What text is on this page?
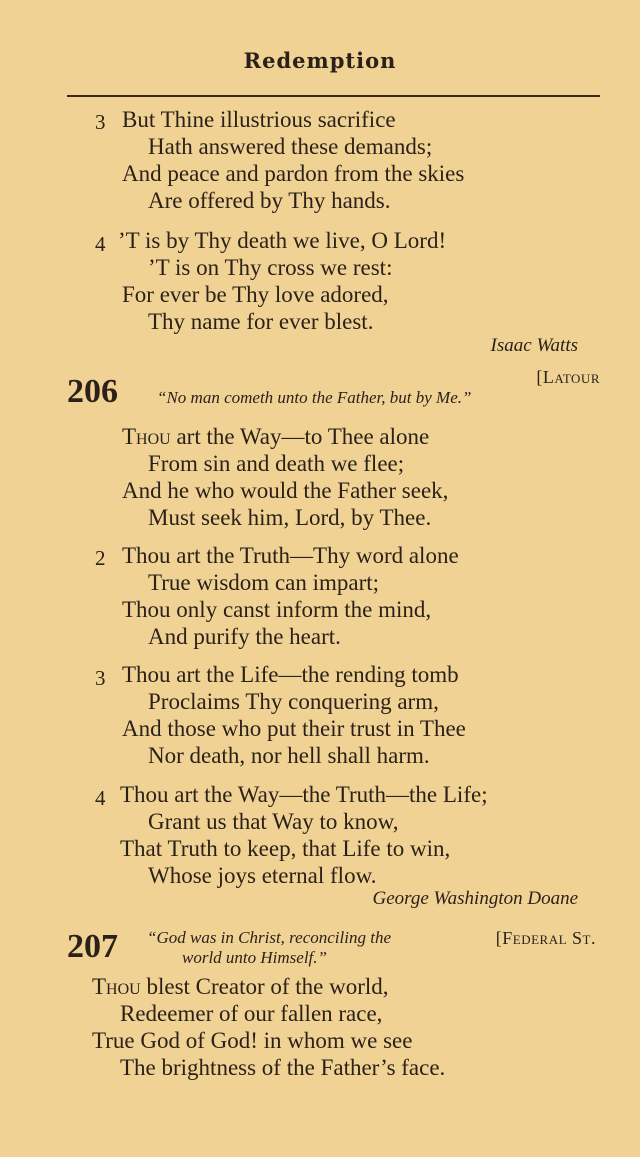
Redemption
3 But Thine illustrious sacrifice
Hath answered these demands;
And peace and pardon from the skies
Are offered by Thy hands.
4 ’T is by Thy death we live, O Lord!
’T is on Thy cross we rest:
For ever be Thy love adored,
Thy name for ever blest.
Isaac Watts
[Latour
206 “No man cometh unto the Father, but by Me.”
Thou art the Way—to Thee alone
From sin and death we flee;
And he who would the Father seek,
Must seek him, Lord, by Thee.
2 Thou art the Truth—Thy word alone
True wisdom can impart;
Thou only canst inform the mind,
And purify the heart.
3 Thou art the Life—the rending tomb
Proclaims Thy conquering arm,
And those who put their trust in Thee
Nor death, nor hell shall harm.
4 Thou art the Way—the Truth—the Life;
Grant us that Way to know,
That Truth to keep, that Life to win,
Whose joys eternal flow.
George Washington Doane
207 “God was in Christ, reconciling the
world unto Himself.”
[Federal St.
Thou blest Creator of the world,
Redeemer of our fallen race,
True God of God! in whom we see
The brightness of the Father’s face.
